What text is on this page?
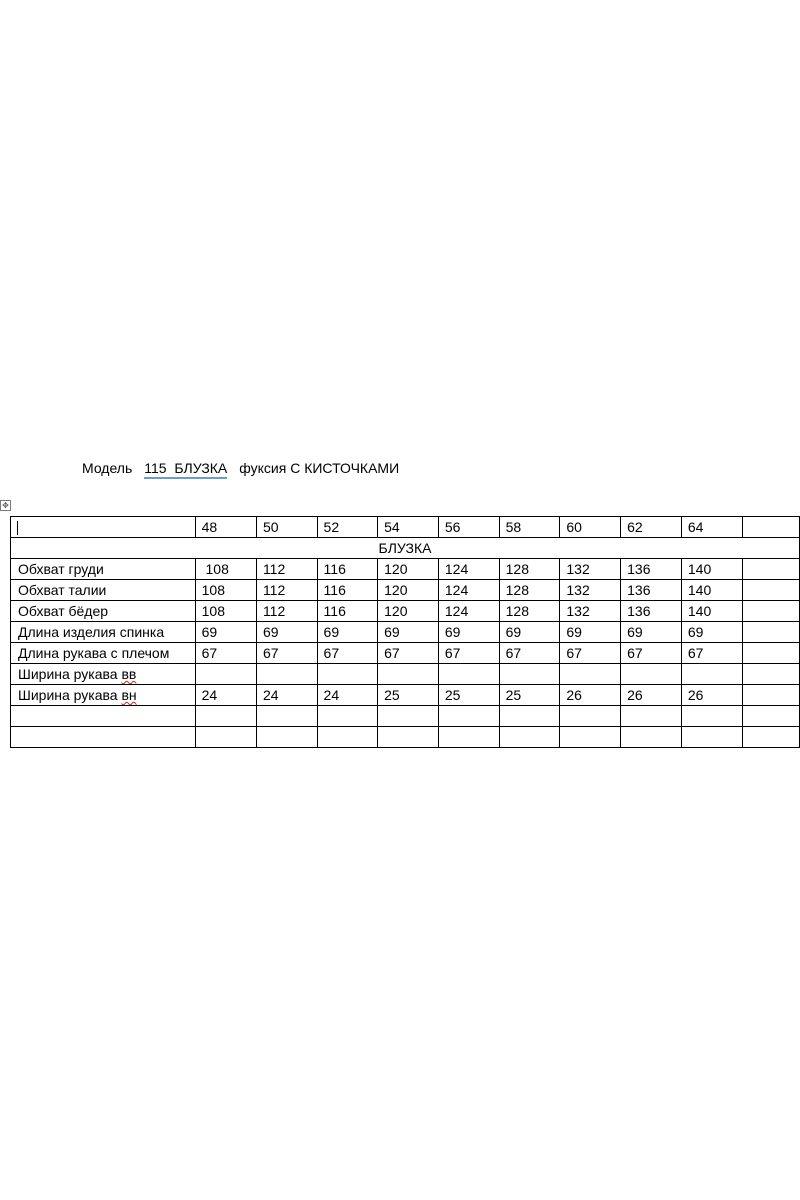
Модель 115  БЛУЗКА фуксия С КИСТОЧКАМИ
✥
	48	50	52	54	56	58	60	62	64	
БЛУЗКА										
Обхват груди	108	112	116	120	124	128	132	136	140	
Обхват талии	108	112	116	120	124	128	132	136	140	
Обхват бёдер	108	112	116	120	124	128	132	136	140	
Длина изделия спинка	69	69	69	69	69	69	69	69	69	
Длина рукава с плечом	67	67	67	67	67	67	67	67	67	
Ширина рукава вв										
Ширина рукава вн	24	24	24	25	25	25	26	26	26	
